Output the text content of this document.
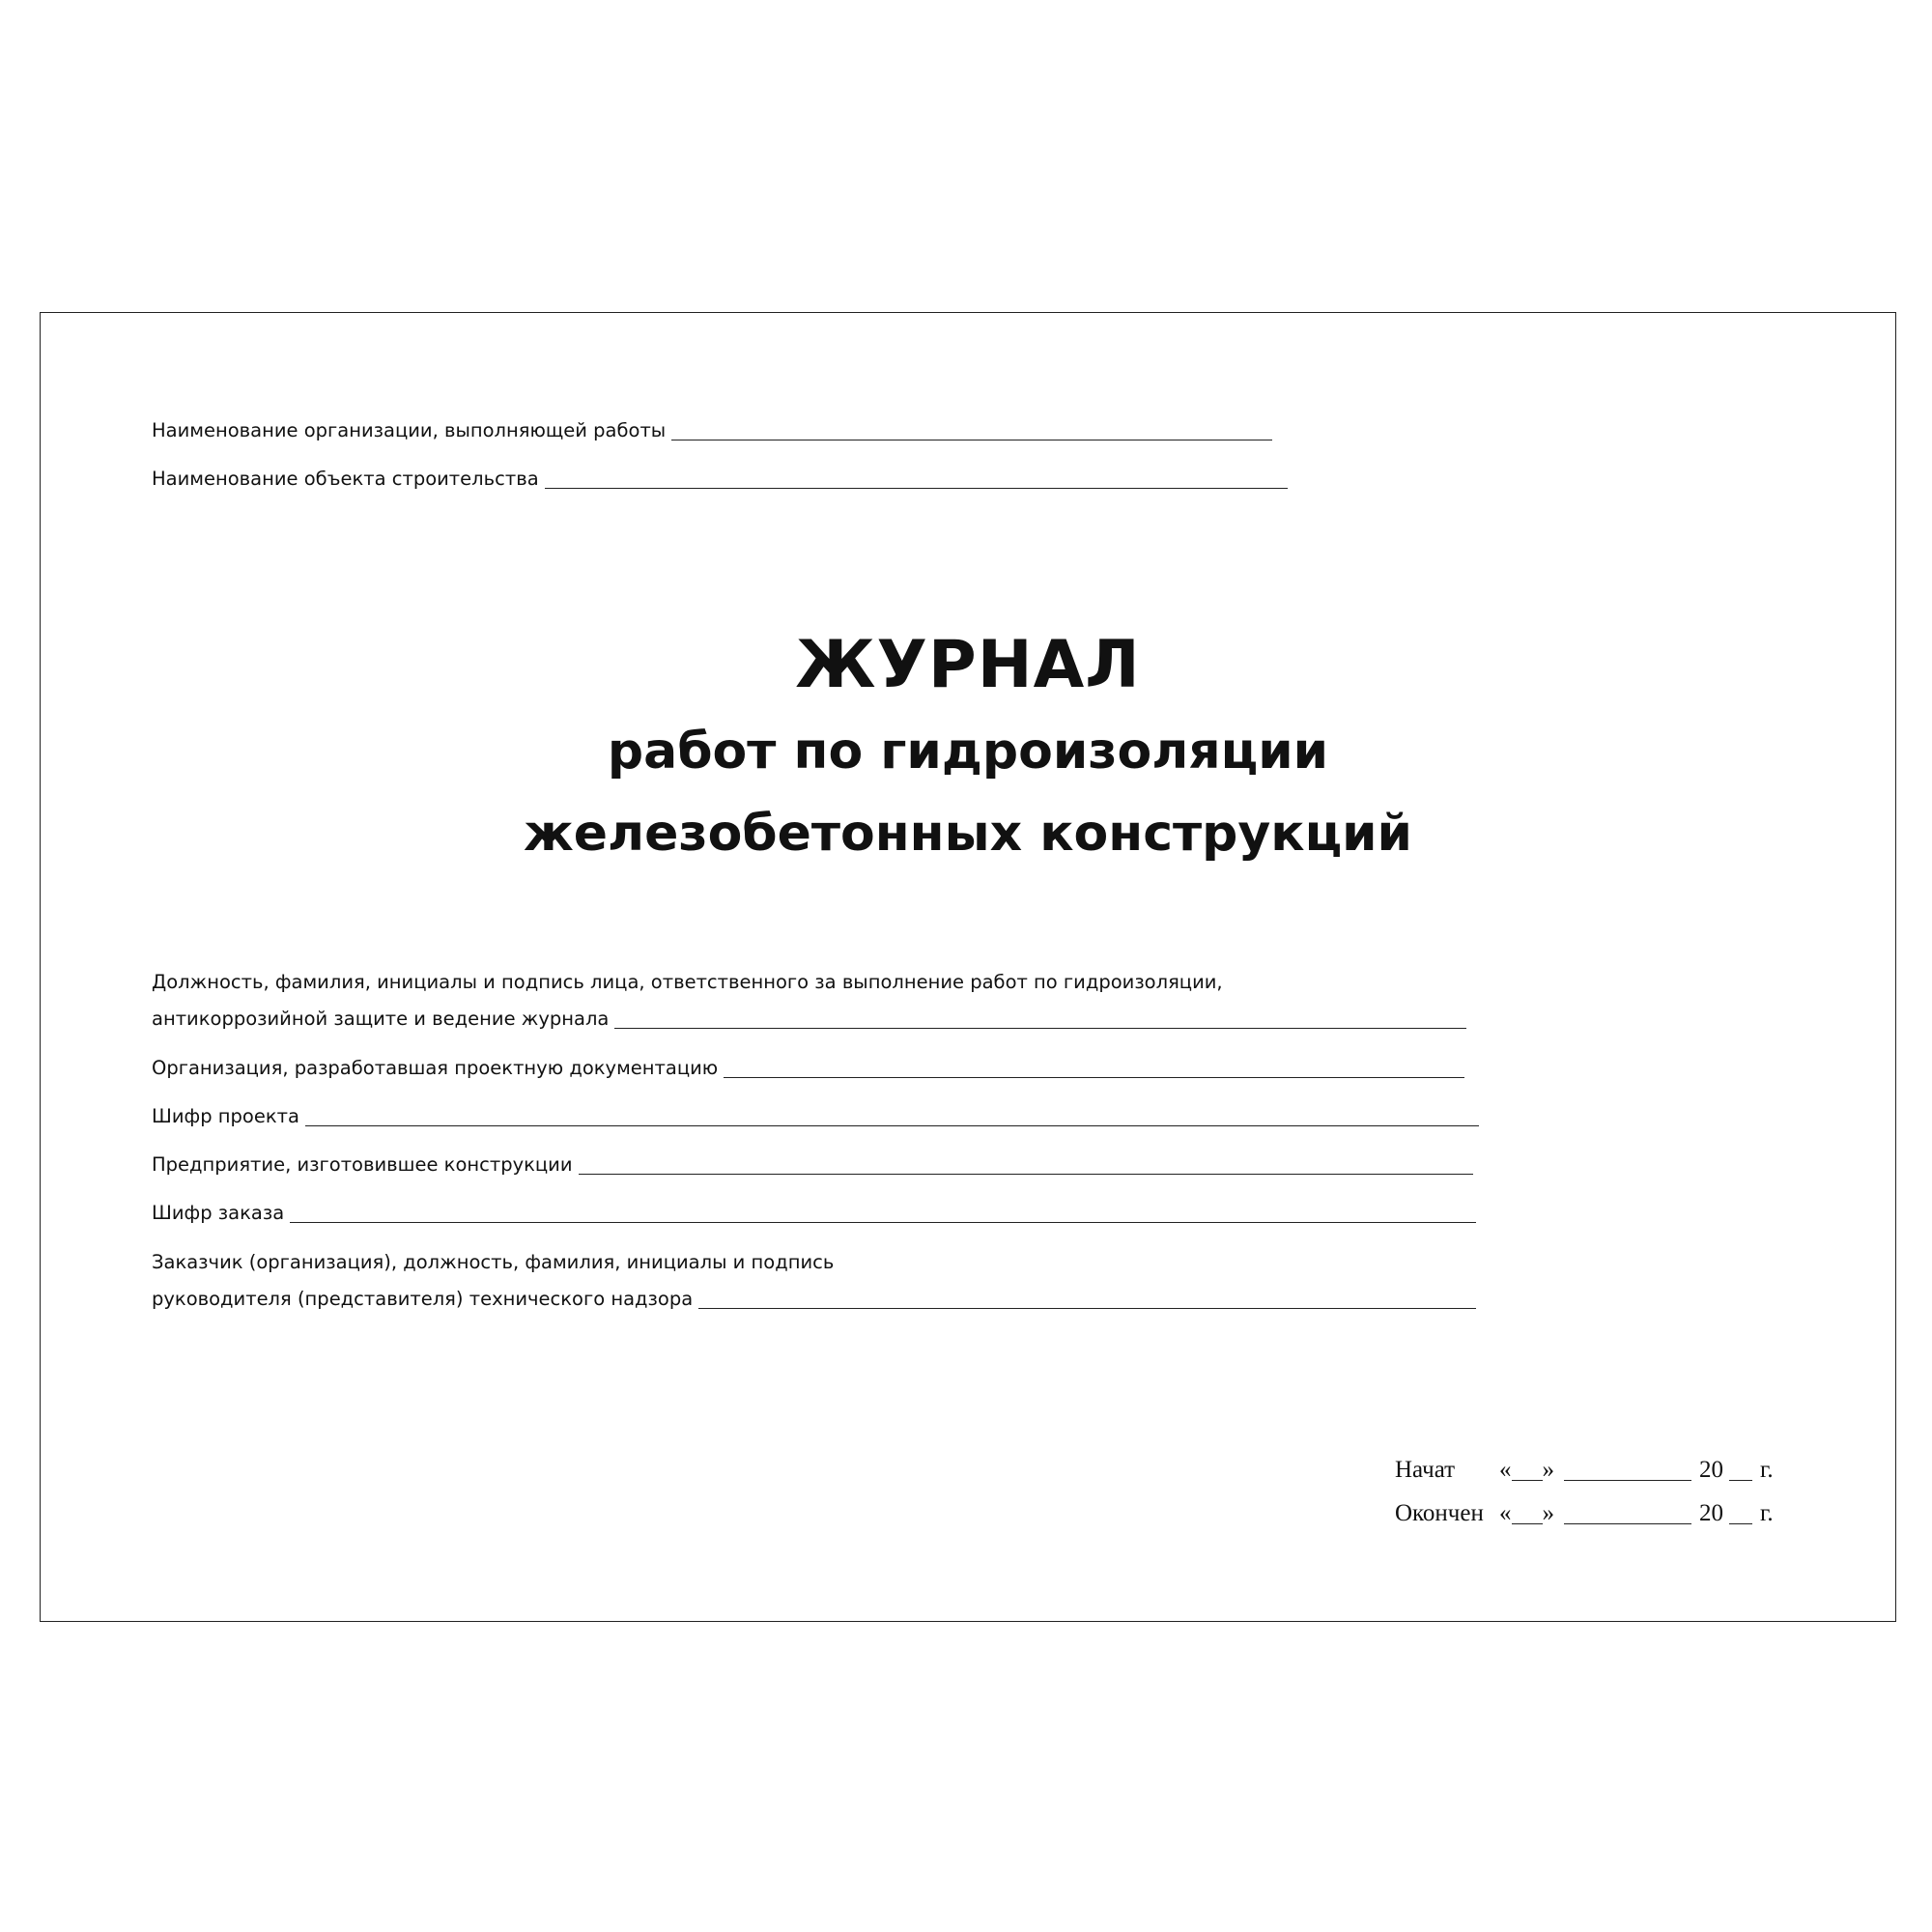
Наименование организации, выполняющей работы
Наименование объекта строительства
ЖУРНАЛ
работ по гидроизоляции
железобетонных конструкций
Должность, фамилия, инициалы и подпись лица, ответственного за выполнение работ по гидроизоляции,
антикоррозийной защите и ведение журнала
Организация, разработавшая проектную документацию
Шифр проекта
Предприятие, изготовившее конструкции
Шифр заказа
Заказчик (организация), должность, фамилия, инициалы и подпись
руководителя (представителя) технического надзора
Начат	« »	20 г.
Окончен « »	20 г.
